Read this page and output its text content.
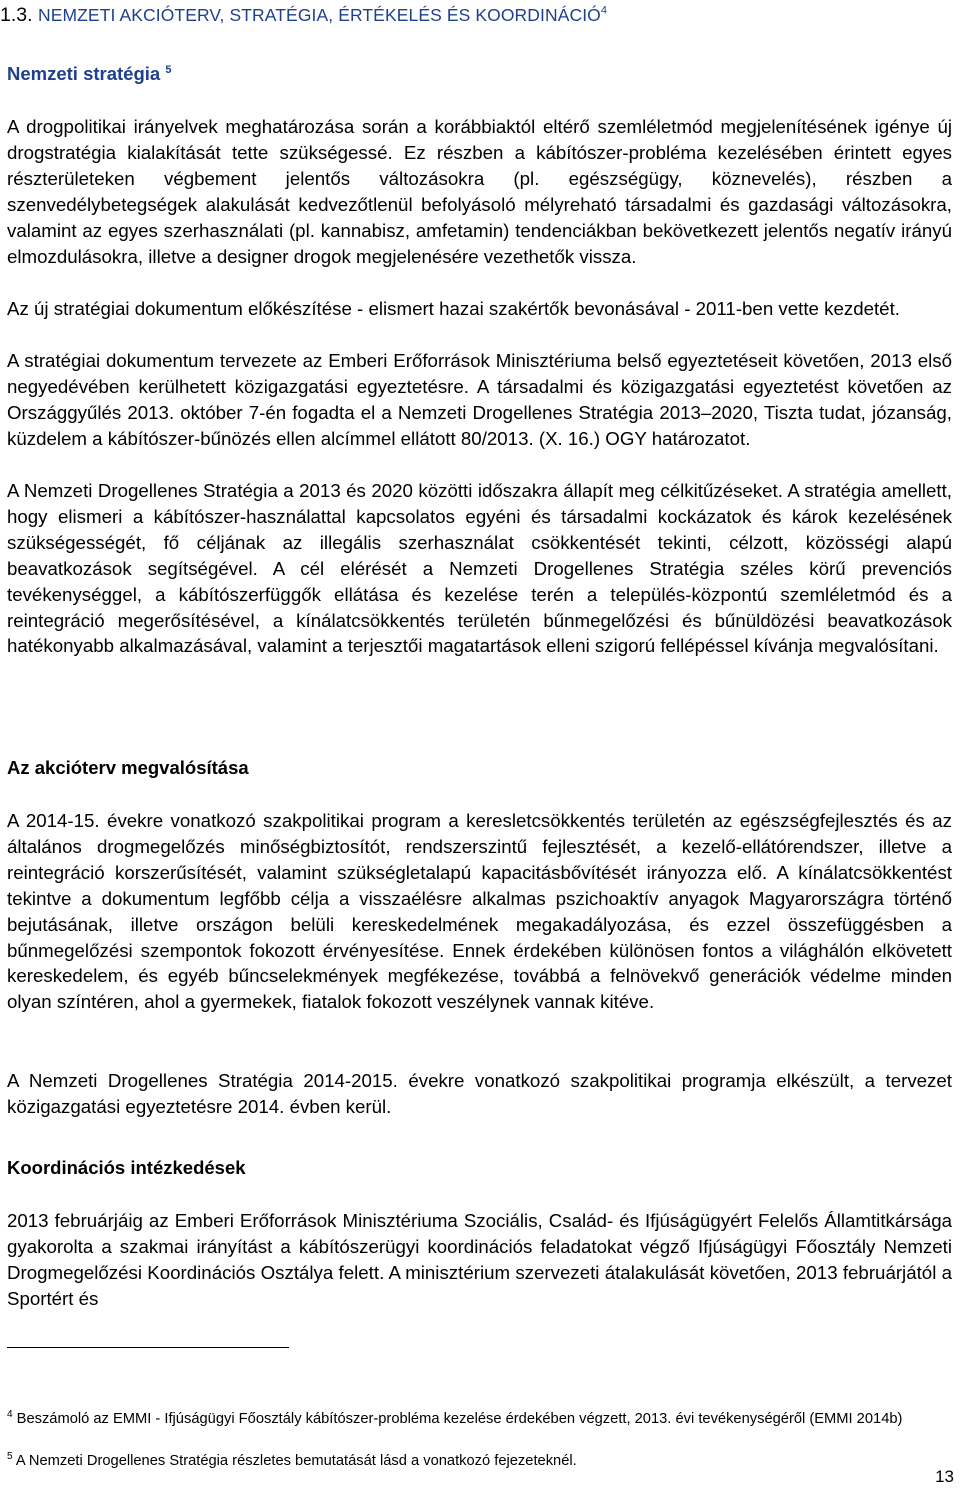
1.3. NEMZETI AKCIÓTERV, STRATÉGIA, ÉRTÉKELÉS ÉS KOORDINÁCIÓ$^4$
Nemzeti stratégia $^5$

A drogpolitikai irányelvek meghatározása során a korábbiaktól eltérő szemléletmód megjelenítésének igénye új drogstratégia kialakítását tette szükségessé. Ez részben a kábítószer-probléma kezelésében érintett egyes részterületeken végbement jelentős változásokra (pl. egészségügy, köznevelés), részben a szenvedélybetegségek alakulását kedvezőtlenül befolyásoló mélyreható társadalmi és gazdasági változásokra, valamint az egyes szerhasználati (pl. kannabisz, amfetamin) tendenciákban bekövetkezett jelentős negatív irányú elmozdulásokra, illetve a designer drogok megjelenésére vezethetők vissza.

Az új stratégiai dokumentum előkészítése - elismert hazai szakértők bevonásával - 2011-ben vette kezdetét.

A stratégiai dokumentum tervezete az Emberi Erőforrások Minisztériuma belső egyeztetéseit követően, 2013 első negyedévében kerülhetett közigazgatási egyeztetésre. A társadalmi és közigazgatási egyeztetést követően az Országgyűlés 2013. október 7-én fogadta el a Nemzeti Drogellenes Stratégia 2013–2020, Tiszta tudat, józanság, küzdelem a kábítószer-bűnözés ellen alcímmel ellátott 80/2013. (X. 16.) OGY határozatot.

A Nemzeti Drogellenes Stratégia a 2013 és 2020 közötti időszakra állapít meg célkitűzéseket. A stratégia amellett, hogy elismeri a kábítószer-használattal kapcsolatos egyéni és társadalmi kockázatok és károk kezelésének szükségességét, fő céljának az illegális szerhasználat csökkentését tekinti, célzott, közösségi alapú beavatkozások segítségével. A cél elérését a Nemzeti Drogellenes Stratégia széles körű prevenciós tevékenységgel, a kábítószerfüggők ellátása és kezelése terén a település-központú szemléletmód és a reintegráció megerősítésével, a kínálatcsökkentés területén bűnmegelőzési és bűnüldözési beavatkozások hatékonyabb alkalmazásával, valamint a terjesztői magatartások elleni szigorú fellépéssel kívánja megvalósítani.

Az akcióterv megvalósítása

A 2014-15. évekre vonatkozó szakpolitikai program a keresletcsökkentés területén az egészségfejlesztés és az általános drogmegelőzés minőségbiztosítót, rendszerszintű fejlesztését, a kezelő-ellátórendszer, illetve a reintegráció korszerűsítését, valamint szükségletalapú kapacitásbővítését irányozza elő. A kínálatcsökkentést tekintve a dokumentum legfőbb célja a visszaélésre alkalmas pszichoaktív anyagok Magyarországra történő bejutásának, illetve országon belüli kereskedelmének megakadályozása, és ezzel összefüggésben a bűnmegelőzési szempontok fokozott érvényesítése. Ennek érdekében különösen fontos a világhálón elkövetett kereskedelem, és egyéb bűncselekmények megfékezése, továbbá a felnövekvő generációk védelme minden olyan színtéren, ahol a gyermekek, fiatalok fokozott veszélynek vannak kitéve.

A Nemzeti Drogellenes Stratégia 2014-2015. évekre vonatkozó szakpolitikai programja elkészült, a tervezet közigazgatási egyeztetésre 2014. évben kerül.

Koordinációs intézkedések

2013 februárjáig az Emberi Erőforrások Minisztériuma Szociális, Család- és Ifjúságügyért Felelős Államtitkársága gyakorolta a szakmai irányítást a kábítószerügyi koordinációs feladatokat végző Ifjúságügyi Főosztály Nemzeti Drogmegelőzési Koordinációs Osztálya felett. A minisztérium szervezeti átalakulását követően, 2013 februárjától a Sportért és

$^4$ Beszámoló az EMMI - Ifjúságügyi Főosztály kábítószer-probléma kezelése érdekében végzett, 2013. évi tevékenységéről (EMMI 2014b)
$^5$ A Nemzeti Drogellenes Stratégia részletes bemutatását lásd a vonatkozó fejezeteknél.
13
